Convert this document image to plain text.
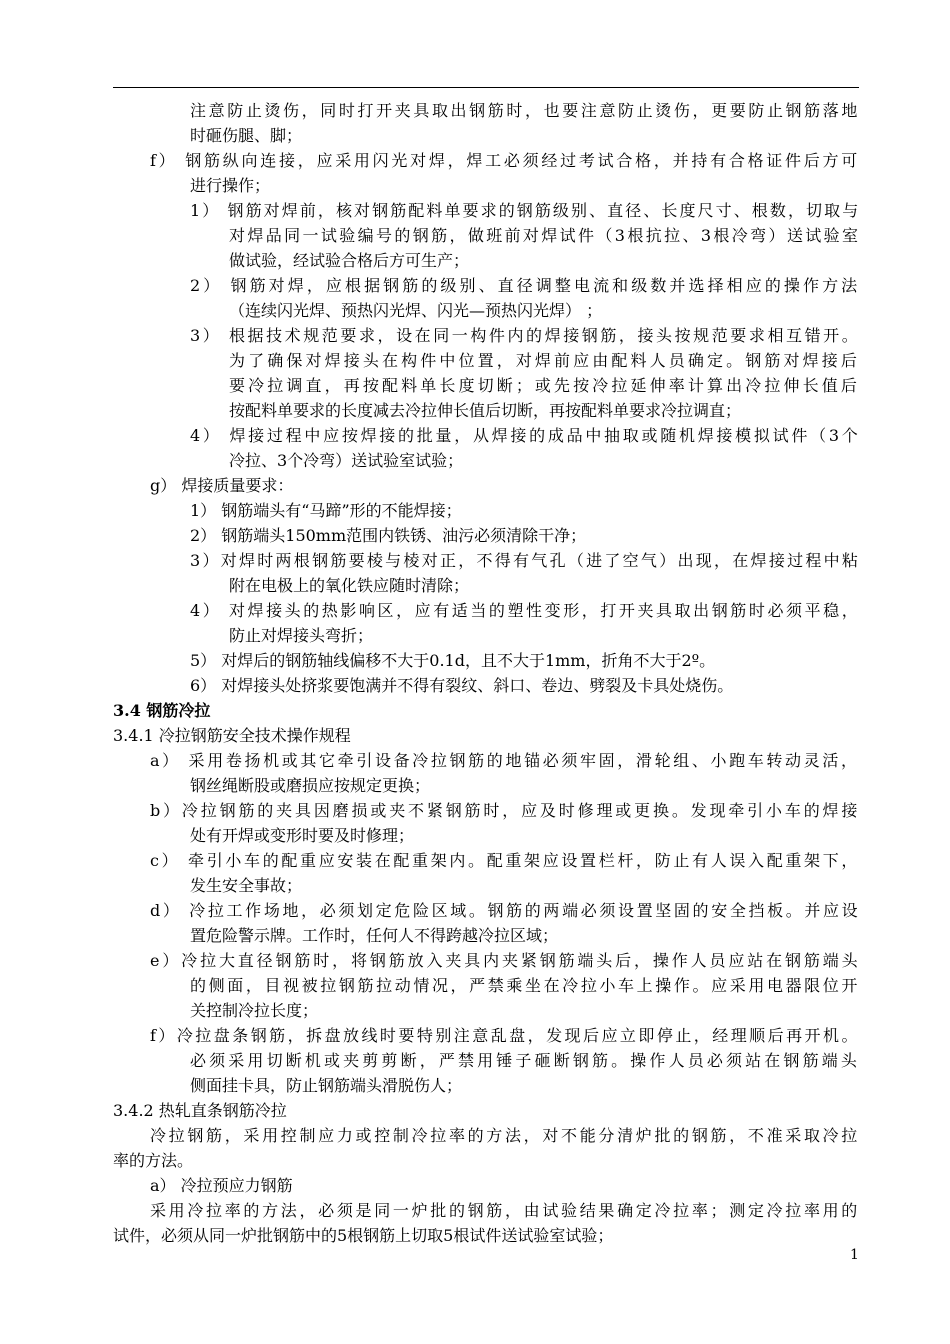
注意防止烫伤，同时打开夹具取出钢筋时，也要注意防止烫伤，更要防止钢筋落地
时砸伤腿、脚；
f） 钢筋纵向连接，应采用闪光对焊，焊工必须经过考试合格，并持有合格证件后方可
进行操作；
1） 钢筋对焊前，核对钢筋配料单要求的钢筋级别、直径、长度尺寸、根数，切取与
对焊品同一试验编号的钢筋，做班前对焊试件（3根抗拉、3根冷弯）送试验室
做试验，经试验合格后方可生产；
2） 钢筋对焊，应根据钢筋的级别、直径调整电流和级数并选择相应的操作方法
（连续闪光焊、预热闪光焊、闪光—预热闪光焊） ；
3） 根据技术规范要求，设在同一构件内的焊接钢筋，接头按规范要求相互错开。
为了确保对焊接头在构件中位置，对焊前应由配料人员确定。钢筋对焊接后
要冷拉调直，再按配料单长度切断；或先按冷拉延伸率计算出冷拉伸长值后
按配料单要求的长度减去冷拉伸长值后切断，再按配料单要求冷拉调直；
4） 焊接过程中应按焊接的批量，从焊接的成品中抽取或随机焊接模拟试件（3个
冷拉、3个冷弯）送试验室试验；
g） 焊接质量要求：
1） 钢筋端头有“马蹄”形的不能焊接；
2） 钢筋端头150mm范围内铁锈、油污必须清除干净；
3）对焊时两根钢筋要棱与棱对正，不得有气孔（进了空气）出现，在焊接过程中粘
附在电极上的氧化铁应随时清除；
4） 对焊接头的热影响区，应有适当的塑性变形，打开夹具取出钢筋时必须平稳，
防止对焊接头弯折；
5） 对焊后的钢筋轴线偏移不大于0.1d，且不大于1mm，折角不大于2º。
6） 对焊接头处挤浆要饱满并不得有裂纹、斜口、卷边、劈裂及卡具处烧伤。
3.4 钢筋冷拉
3.4.1 冷拉钢筋安全技术操作规程
a） 采用卷扬机或其它牵引设备冷拉钢筋的地锚必须牢固，滑轮组、小跑车转动灵活，
钢丝绳断股或磨损应按规定更换；
b）冷拉钢筋的夹具因磨损或夹不紧钢筋时，应及时修理或更换。发现牵引小车的焊接
处有开焊或变形时要及时修理；
c） 牵引小车的配重应安装在配重架内。配重架应设置栏杆，防止有人误入配重架下，
发生安全事故；
d） 冷拉工作场地，必须划定危险区域。钢筋的两端必须设置坚固的安全挡板。并应设
置危险警示牌。工作时，任何人不得跨越冷拉区域；
e）冷拉大直径钢筋时，将钢筋放入夹具内夹紧钢筋端头后，操作人员应站在钢筋端头
的侧面，目视被拉钢筋拉动情况，严禁乘坐在冷拉小车上操作。应采用电器限位开
关控制冷拉长度；
f）冷拉盘条钢筋，拆盘放线时要特别注意乱盘，发现后应立即停止，经理顺后再开机。
必须采用切断机或夹剪剪断，严禁用锤子砸断钢筋。操作人员必须站在钢筋端头
侧面挂卡具，防止钢筋端头滑脱伤人；
3.4.2 热轧直条钢筋冷拉
冷拉钢筋，采用控制应力或控制冷拉率的方法，对不能分清炉批的钢筋，不准采取冷拉
率的方法。
a） 冷拉预应力钢筋
采用冷拉率的方法，必须是同一炉批的钢筋，由试验结果确定冷拉率；测定冷拉率用的
试件，必须从同一炉批钢筋中的5根钢筋上切取5根试件送试验室试验；
1
